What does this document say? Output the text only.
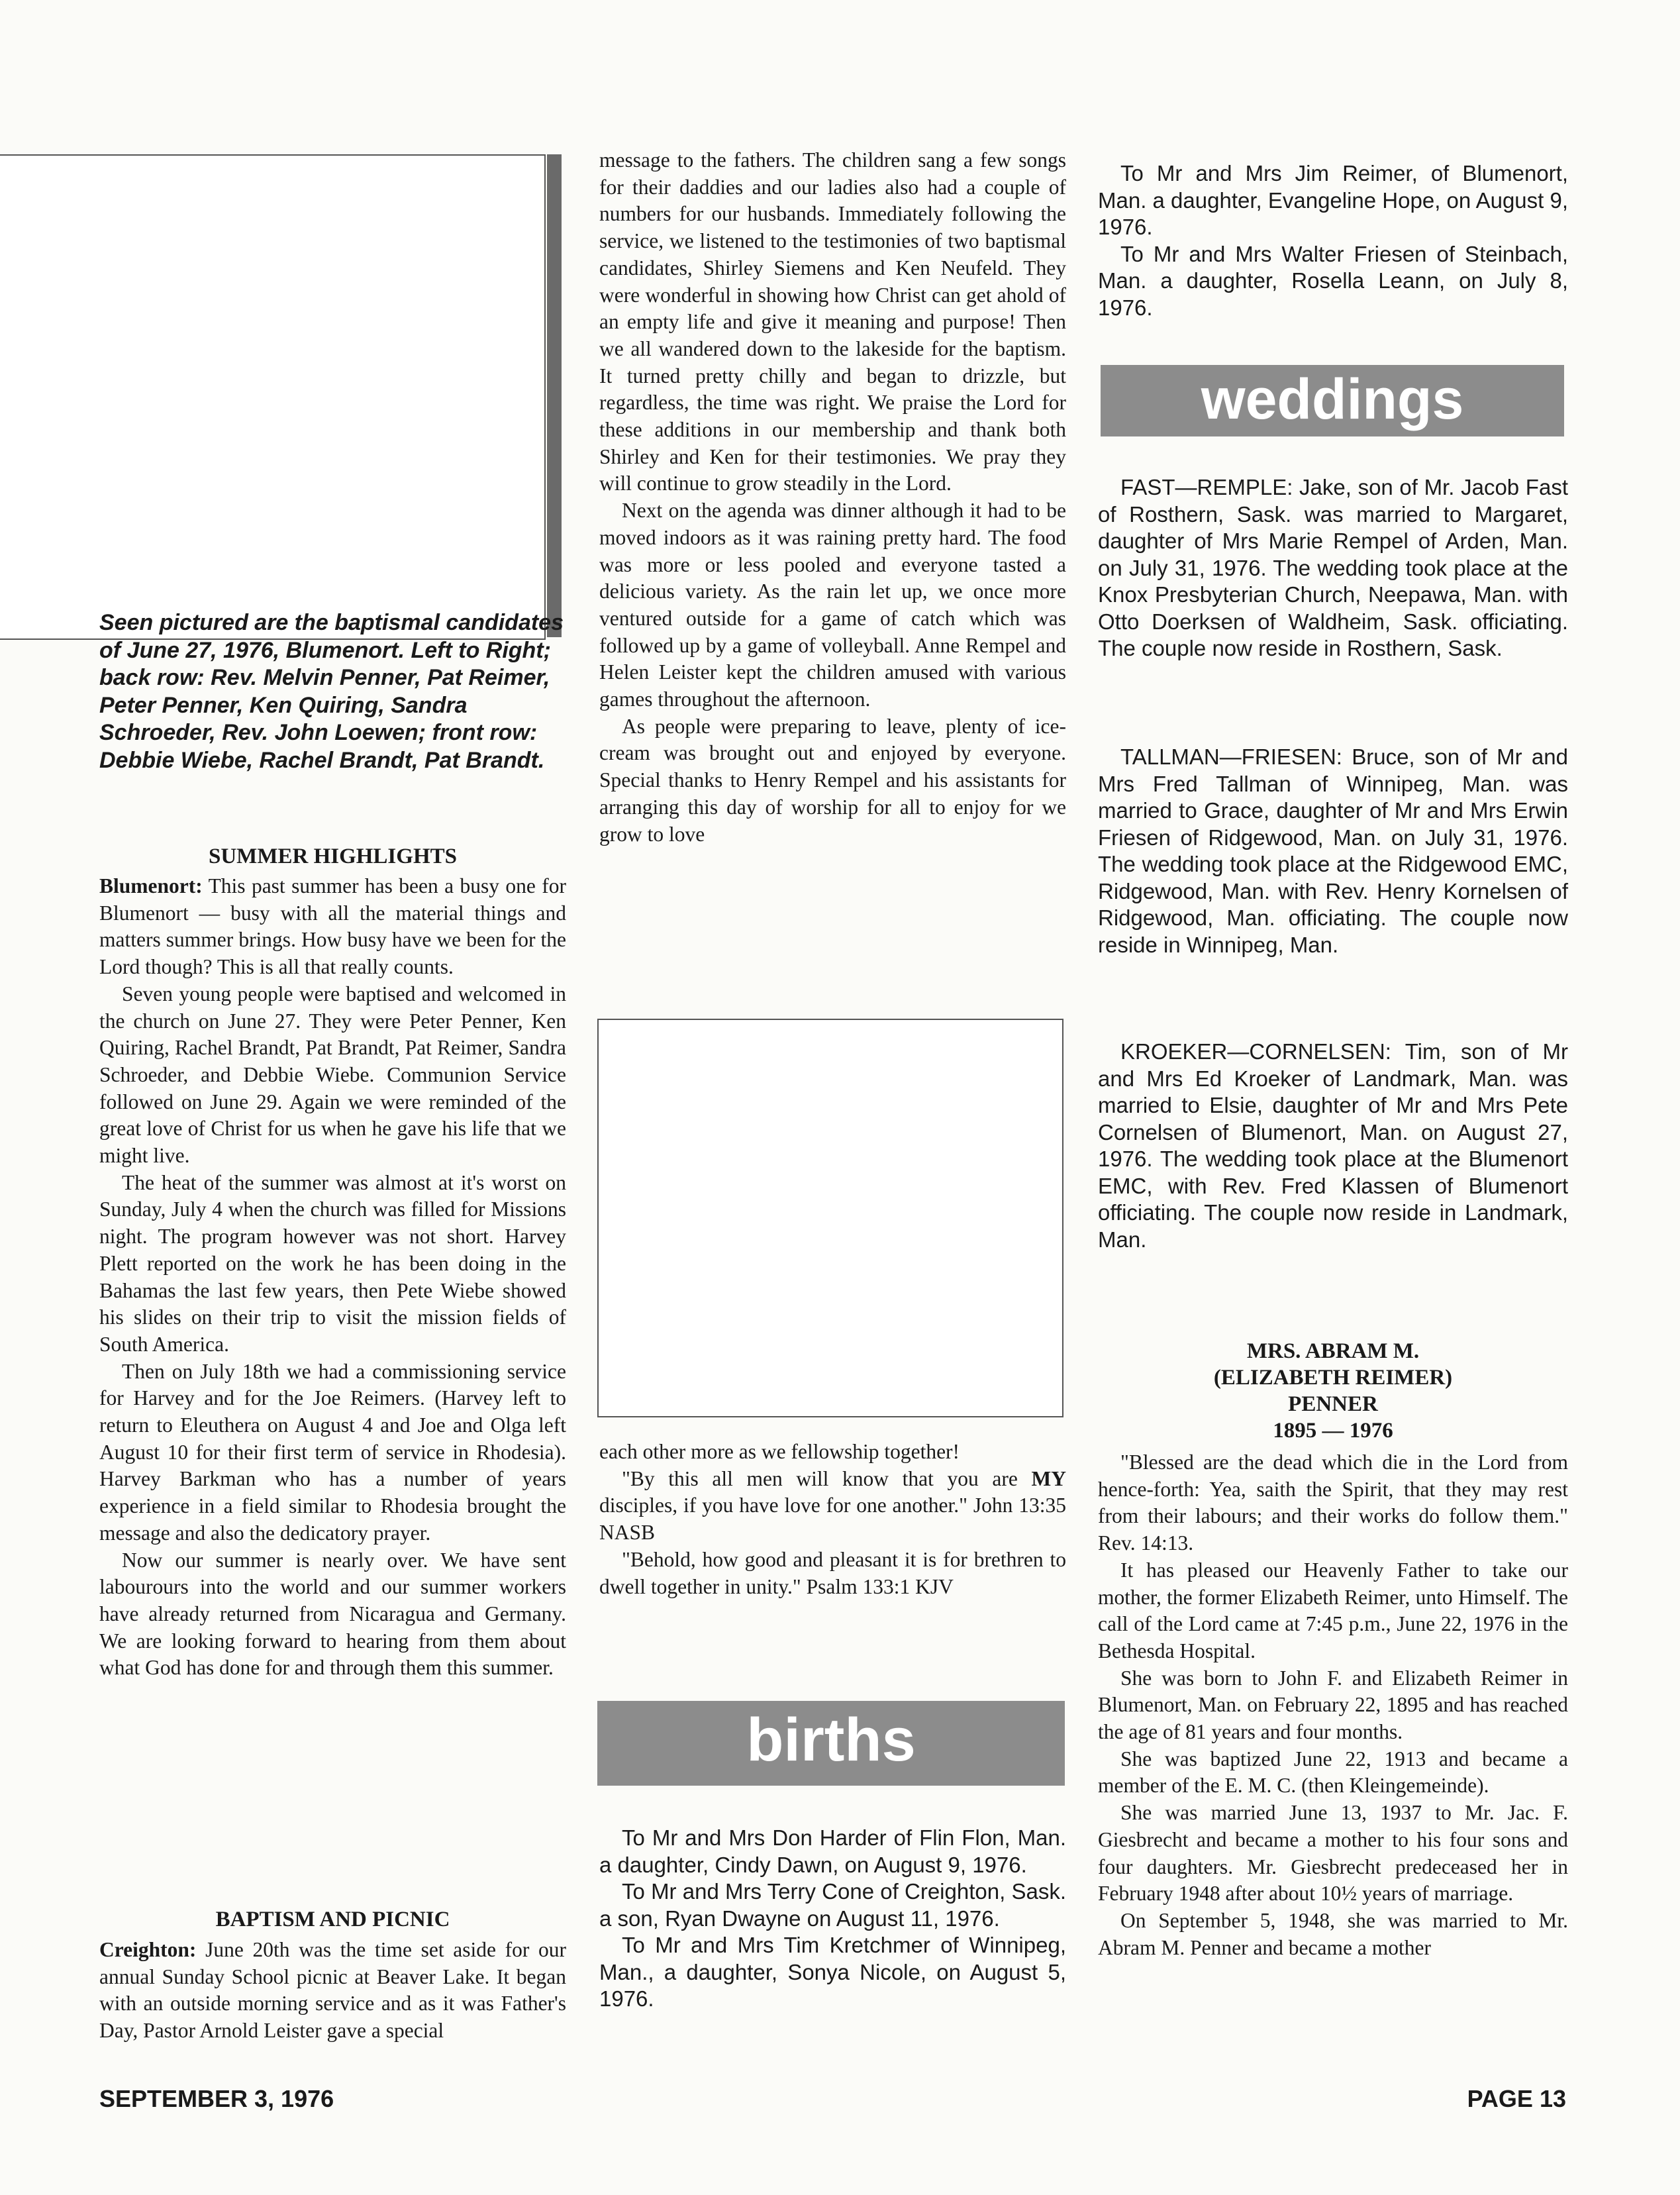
Seen pictured are the baptismal candidates of June 27, 1976, Blumenort. Left to Right; back row: Rev. Melvin Penner, Pat Reimer, Peter Penner, Ken Quiring, Sandra Schroeder, Rev. John Loewen; front row: Debbie Wiebe, Rachel Brandt, Pat Brandt.
SUMMER HIGHLIGHTS

Blumenort: This past summer has been a busy one for Blumenort — busy with all the material things and matters summer brings. How busy have we been for the Lord though? This is all that really counts.

Seven young people were baptised and welcomed in the church on June 27. They were Peter Penner, Ken Quiring, Rachel Brandt, Pat Brandt, Pat Reimer, Sandra Schroeder, and Debbie Wiebe. Communion Service followed on June 29. Again we were reminded of the great love of Christ for us when he gave his life that we might live.

The heat of the summer was almost at it's worst on Sunday, July 4 when the church was filled for Missions night. The program however was not short. Harvey Plett reported on the work he has been doing in the Bahamas the last few years, then Pete Wiebe showed his slides on their trip to visit the mission fields of South America.

Then on July 18th we had a commissioning service for Harvey and for the Joe Reimers. (Harvey left to return to Eleuthera on August 4 and Joe and Olga left August 10 for their first term of service in Rhodesia). Harvey Barkman who has a number of years experience in a field similar to Rhodesia brought the message and also the dedicatory prayer.

Now our summer is nearly over. We have sent labourours into the world and our summer workers have already returned from Nicaragua and Germany. We are looking forward to hearing from them about what God has done for and through them this summer.

BAPTISM AND PICNIC

Creighton: June 20th was the time set aside for our annual Sunday School picnic at Beaver Lake. It began with an outside morning service and as it was Father's Day, Pastor Arnold Leister gave a special

SEPTEMBER 3, 1976

message to the fathers. The children sang a few songs for their daddies and our ladies also had a couple of numbers for our husbands. Immediately following the service, we listened to the testimonies of two baptismal candidates, Shirley Siemens and Ken Neufeld. They were wonderful in showing how Christ can get ahold of an empty life and give it meaning and purpose! Then we all wandered down to the lakeside for the baptism. It turned pretty chilly and began to drizzle, but regardless, the time was right. We praise the Lord for these additions in our membership and thank both Shirley and Ken for their testimonies. We pray they will continue to grow steadily in the Lord.

Next on the agenda was dinner although it had to be moved indoors as it was raining pretty hard. The food was more or less pooled and everyone tasted a delicious variety. As the rain let up, we once more ventured outside for a game of catch which was followed up by a game of volleyball. Anne Rempel and Helen Leister kept the children amused with various games throughout the afternoon.

As people were preparing to leave, plenty of ice-cream was brought out and enjoyed by everyone. Special thanks to Henry Rempel and his assistants for arranging this day of worship for all to enjoy for we grow to love

each other more as we fellowship together!

"By this all men will know that you are MY disciples, if you have love for one another." John 13:35 NASB

"Behold, how good and pleasant it is for brethren to dwell together in unity." Psalm 133:1 KJV

births

To Mr and Mrs Don Harder of Flin Flon, Man. a daughter, Cindy Dawn, on August 9, 1976.

To Mr and Mrs Terry Cone of Creighton, Sask. a son, Ryan Dwayne on August 11, 1976.

To Mr and Mrs Tim Kretchmer of Winnipeg, Man., a daughter, Sonya Nicole, on August 5, 1976.

To Mr and Mrs Jim Reimer, of Blumenort, Man. a daughter, Evangeline Hope, on August 9, 1976.

To Mr and Mrs Walter Friesen of Steinbach, Man. a daughter, Rosella Leann, on July 8, 1976.

weddings
FAST—REMPLE: Jake, son of Mr. Jacob Fast of Rosthern, Sask. was married to Margaret, daughter of Mrs Marie Rempel of Arden, Man. on July 31, 1976. The wedding took place at the Knox Presbyterian Church, Neepawa, Man. with Otto Doerksen of Waldheim, Sask. officiating. The couple now reside in Rosthern, Sask.
TALLMAN—FRIESEN: Bruce, son of Mr and Mrs Fred Tallman of Winnipeg, Man. was married to Grace, daughter of Mr and Mrs Erwin Friesen of Ridgewood, Man. on July 31, 1976. The wedding took place at the Ridgewood EMC, Ridgewood, Man. with Rev. Henry Kornelsen of Ridgewood, Man. officiating. The couple now reside in Winnipeg, Man.
KROEKER—CORNELSEN: Tim, son of Mr and Mrs Ed Kroeker of Landmark, Man. was married to Elsie, daughter of Mr and Mrs Pete Cornelsen of Blumenort, Man. on August 27, 1976. The wedding took place at the Blumenort EMC, with Rev. Fred Klassen of Blumenort officiating. The couple now reside in Landmark, Man.
MRS. ABRAM M.
(ELIZABETH REIMER)
PENNER
1895 — 1976

"Blessed are the dead which die in the Lord from hence-forth: Yea, saith the Spirit, that they may rest from their labours; and their works do follow them." Rev. 14:13.

It has pleased our Heavenly Father to take our mother, the former Elizabeth Reimer, unto Himself. The call of the Lord came at 7:45 p.m., June 22, 1976 in the Bethesda Hospital.

She was born to John F. and Elizabeth Reimer in Blumenort, Man. on February 22, 1895 and has reached the age of 81 years and four months.

She was baptized June 22, 1913 and became a member of the E. M. C. (then Kleingemeinde).

She was married June 13, 1937 to Mr. Jac. F. Giesbrecht and became a mother to his four sons and four daughters. Mr. Giesbrecht predeceased her in February 1948 after about 10½ years of marriage.

On September 5, 1948, she was married to Mr. Abram M. Penner and became a mother

PAGE 13
